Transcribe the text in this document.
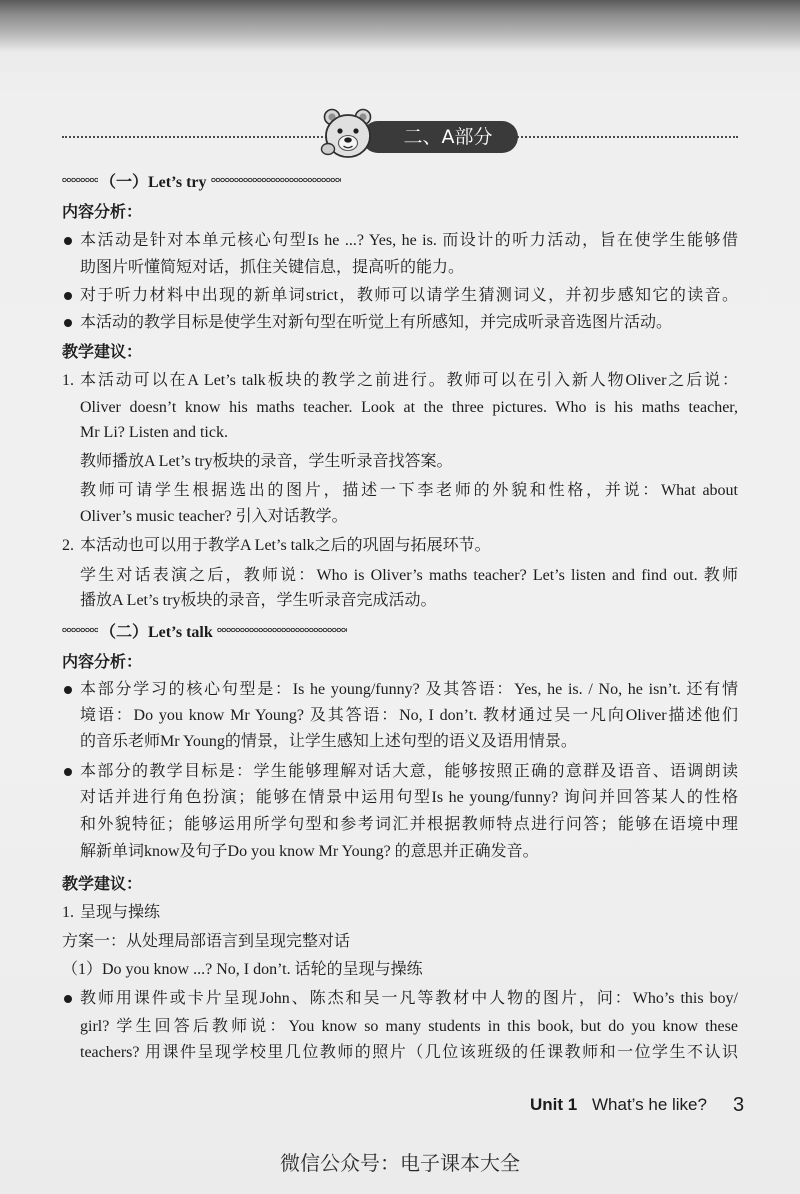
二、A部分
（一）Let’s try
内容分析：
本活动是针对本单元核心句型Is he ...? Yes, he is. 而设计的听力活动，旨在使学生能够借
助图片听懂简短对话，抓住关键信息，提高听的能力。
对于听力材料中出现的新单词strict，教师可以请学生猜测词义，并初步感知它的读音。
本活动的教学目标是使学生对新句型在听觉上有所感知，并完成听录音选图片活动。
教学建议：
1. 本活动可以在A Let’s talk板块的教学之前进行。教师可以在引入新人物Oliver之后说：
Oliver doesn’t know his maths teacher. Look at the three pictures. Who is his maths teacher,
Mr Li? Listen and tick.
教师播放A Let’s try板块的录音，学生听录音找答案。
教师可请学生根据选出的图片，描述一下李老师的外貌和性格，并说：What about
Oliver’s music teacher? 引入对话教学。
2. 本活动也可以用于教学A Let’s talk之后的巩固与拓展环节。
学生对话表演之后，教师说：Who is Oliver’s maths teacher? Let’s listen and find out. 教师
播放A Let’s try板块的录音，学生听录音完成活动。
（二）Let’s talk
内容分析：
本部分学习的核心句型是：Is he young/funny? 及其答语：Yes, he is. / No, he isn’t. 还有情
境语：Do you know Mr Young? 及其答语：No, I don’t. 教材通过吴一凡向Oliver描述他们
的音乐老师Mr Young的情景，让学生感知上述句型的语义及语用情景。
本部分的教学目标是：学生能够理解对话大意，能够按照正确的意群及语音、语调朗读
对话并进行角色扮演；能够在情景中运用句型Is he young/funny? 询问并回答某人的性格
和外貌特征；能够运用所学句型和参考词汇并根据教师特点进行问答；能够在语境中理
解新单词know及句子Do you know Mr Young? 的意思并正确发音。
教学建议：
1. 呈现与操练
方案一：从处理局部语言到呈现完整对话
（1）Do you know ...? No, I don’t. 话轮的呈现与操练
教师用课件或卡片呈现John、陈杰和吴一凡等教材中人物的图片，问：Who’s this boy/
girl? 学生回答后教师说：You know so many students in this book, but do you know these
teachers? 用课件呈现学校里几位教师的照片（几位该班级的任课教师和一位学生不认识
Unit 1 What’s he like? 3
微信公众号：电子课本大全
